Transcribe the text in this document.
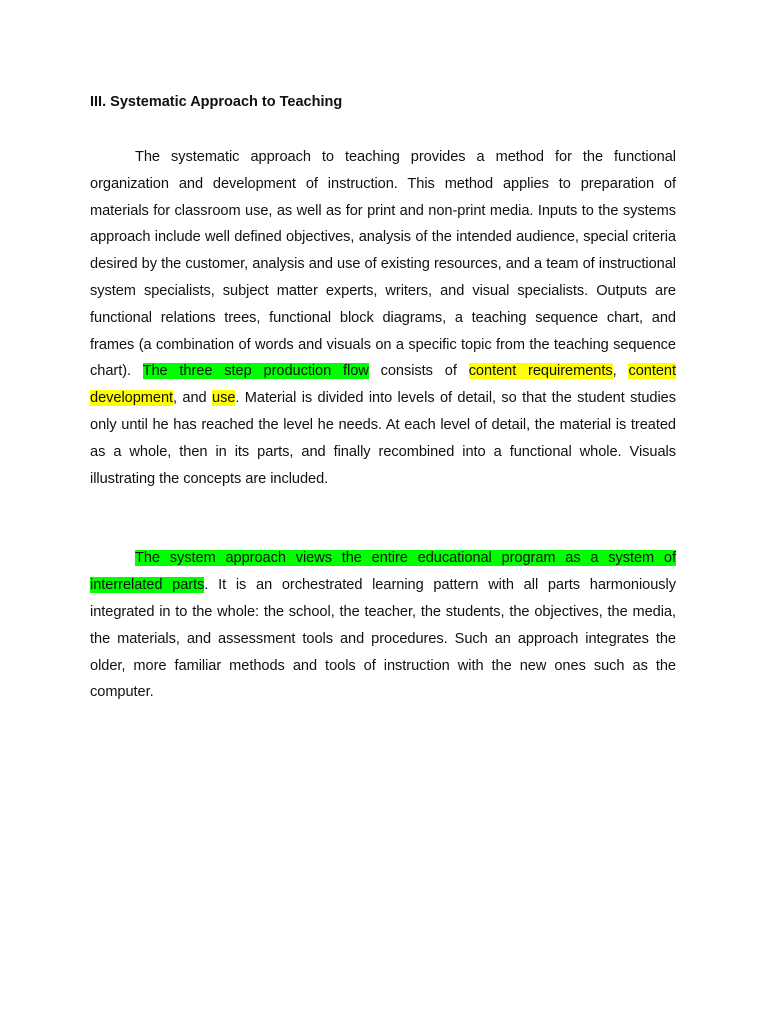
III. Systematic Approach to Teaching

The systematic approach to teaching provides a method for the functional organization and development of instruction. This method applies to preparation of materials for classroom use, as well as for print and non-print media. Inputs to the systems approach include well defined objectives, analysis of the intended audience, special criteria desired by the customer, analysis and use of existing resources, and a team of instructional system specialists, subject matter experts, writers, and visual specialists. Outputs are functional relations trees, functional block diagrams, a teaching sequence chart, and frames (a combination of words and visuals on a specific topic from the teaching sequence chart). The three step production flow consists of content requirements, content development, and use. Material is divided into levels of detail, so that the student studies only until he has reached the level he needs. At each level of detail, the material is treated as a whole, then in its parts, and finally recombined into a functional whole. Visuals illustrating the concepts are included.

The system approach views the entire educational program as a system of interrelated parts. It is an orchestrated learning pattern with all parts harmoniously integrated in to the whole: the school, the teacher, the students, the objectives, the media, the materials, and assessment tools and procedures. Such an approach integrates the older, more familiar methods and tools of instruction with the new ones such as the computer.
